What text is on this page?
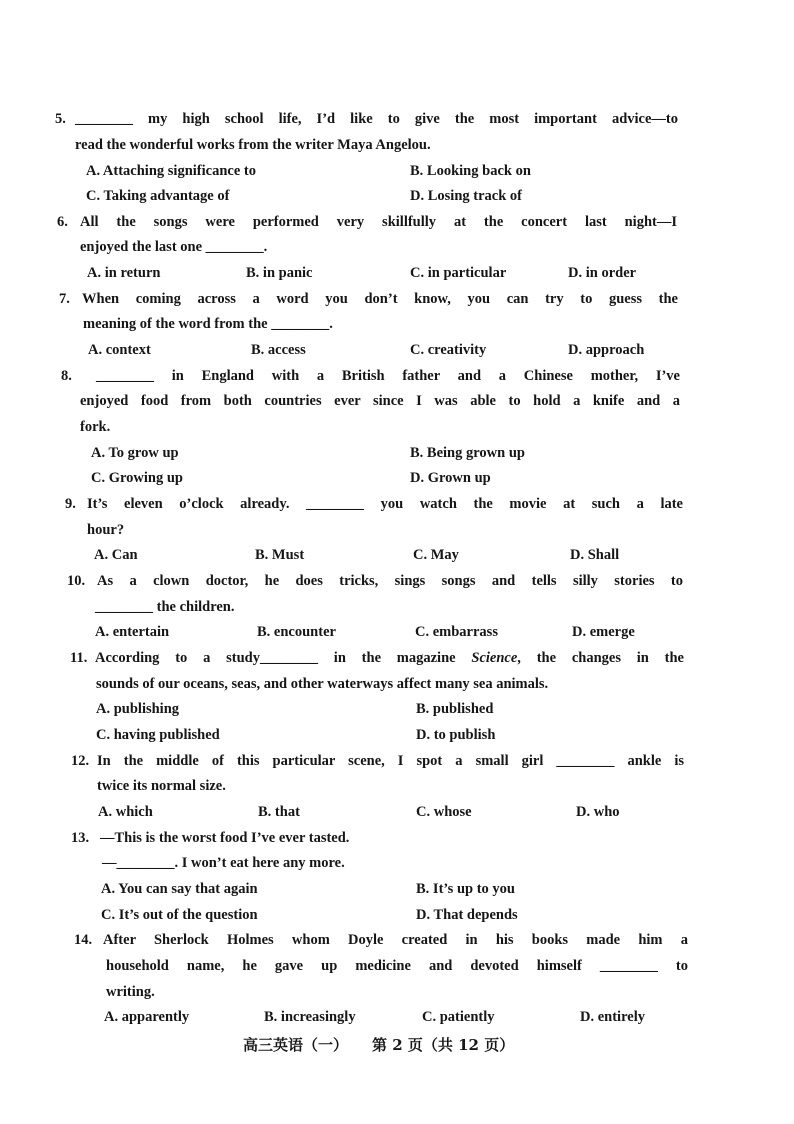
5. ________ my high school life, I’d like to give the most important advice—to
read the wonderful works from the writer Maya Angelou.
A. Attaching significance to	B. Looking back on
C. Taking advantage of	D. Losing track of
6. All the songs were performed very skillfully at the concert last night—I
enjoyed the last one ________.
A. in return	B. in panic	C. in particular	D. in order
7. When coming across a word you don’t know, you can try to guess the
meaning of the word from the ________.
A. context	B. access	C. creativity	D. approach
8. ________ in England with a British father and a Chinese mother, I’ve
enjoyed food from both countries ever since I was able to hold a knife and a
fork.
A. To grow up	B. Being grown up
C. Growing up	D. Grown up
9. It’s eleven o’clock already. ________ you watch the movie at such a late
hour?
A. Can	B. Must	C. May	D. Shall
10. As a clown doctor, he does tricks, sings songs and tells silly stories to
________ the children.
A. entertain	B. encounter	C. embarrass	D. emerge
11. According to a study________ in the magazine Science, the changes in the
sounds of our oceans, seas, and other waterways affect many sea animals.
A. publishing	B. published
C. having published	D. to publish
12. In the middle of this particular scene, I spot a small girl ________ ankle is
twice its normal size.
A. which	B. that	C. whose	D. who
13. —This is the worst food I’ve ever tasted.
—________. I won’t eat here any more.
A. You can say that again	B. It’s up to you
C. It’s out of the question	D. That depends
14. After Sherlock Holmes whom Doyle created in his books made him a
household name, he gave up medicine and devoted himself ________ to
writing.
A. apparently	B. increasingly	C. patiently	D. entirely
高三英语（一） 第 2 页（共 12 页）
